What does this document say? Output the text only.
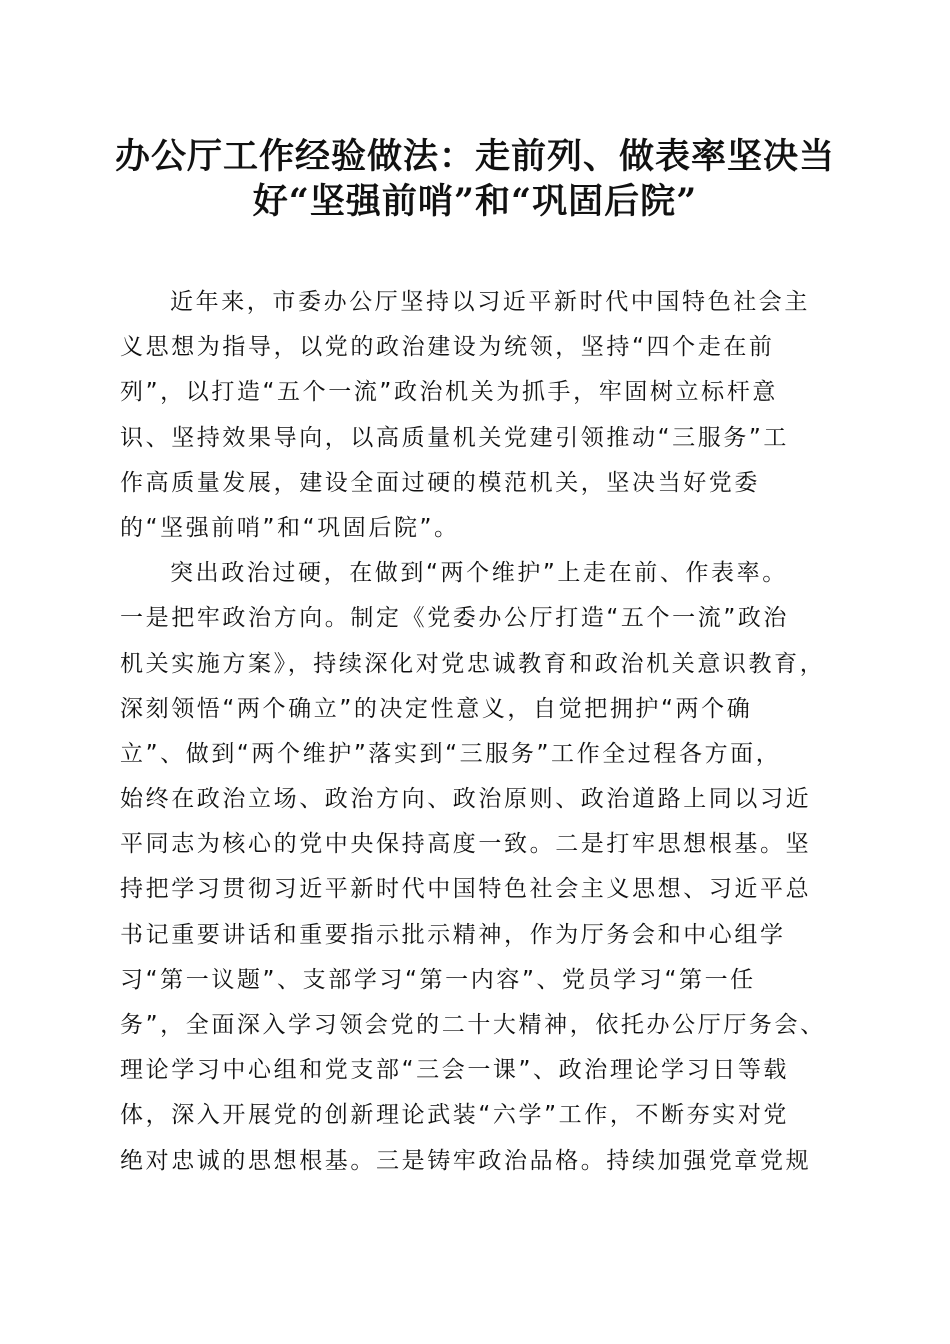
办公厅工作经验做法：走前列、做表率坚决当
好“坚强前哨”和“巩固后院”
近年来，市委办公厅坚持以习近平新时代中国特色社会主
义思想为指导，以党的政治建设为统领，坚持“四个走在前
列”，以打造“五个一流”政治机关为抓手，牢固树立标杆意
识、坚持效果导向，以高质量机关党建引领推动“三服务”工
作高质量发展，建设全面过硬的模范机关，坚决当好党委
的“坚强前哨”和“巩固后院”。
突出政治过硬，在做到“两个维护”上走在前、作表率。
一是把牢政治方向。制定《党委办公厅打造“五个一流”政治
机关实施方案》，持续深化对党忠诚教育和政治机关意识教育，
深刻领悟“两个确立”的决定性意义，自觉把拥护“两个确
立”、做到“两个维护”落实到“三服务”工作全过程各方面，
始终在政治立场、政治方向、政治原则、政治道路上同以习近
平同志为核心的党中央保持高度一致。二是打牢思想根基。坚
持把学习贯彻习近平新时代中国特色社会主义思想、习近平总
书记重要讲话和重要指示批示精神，作为厅务会和中心组学
习“第一议题”、支部学习“第一内容”、党员学习“第一任
务”，全面深入学习领会党的二十大精神，依托办公厅厅务会、
理论学习中心组和党支部“三会一课”、政治理论学习日等载
体，深入开展党的创新理论武装“六学”工作，不断夯实对党
绝对忠诚的思想根基。三是铸牢政治品格。持续加强党章党规
